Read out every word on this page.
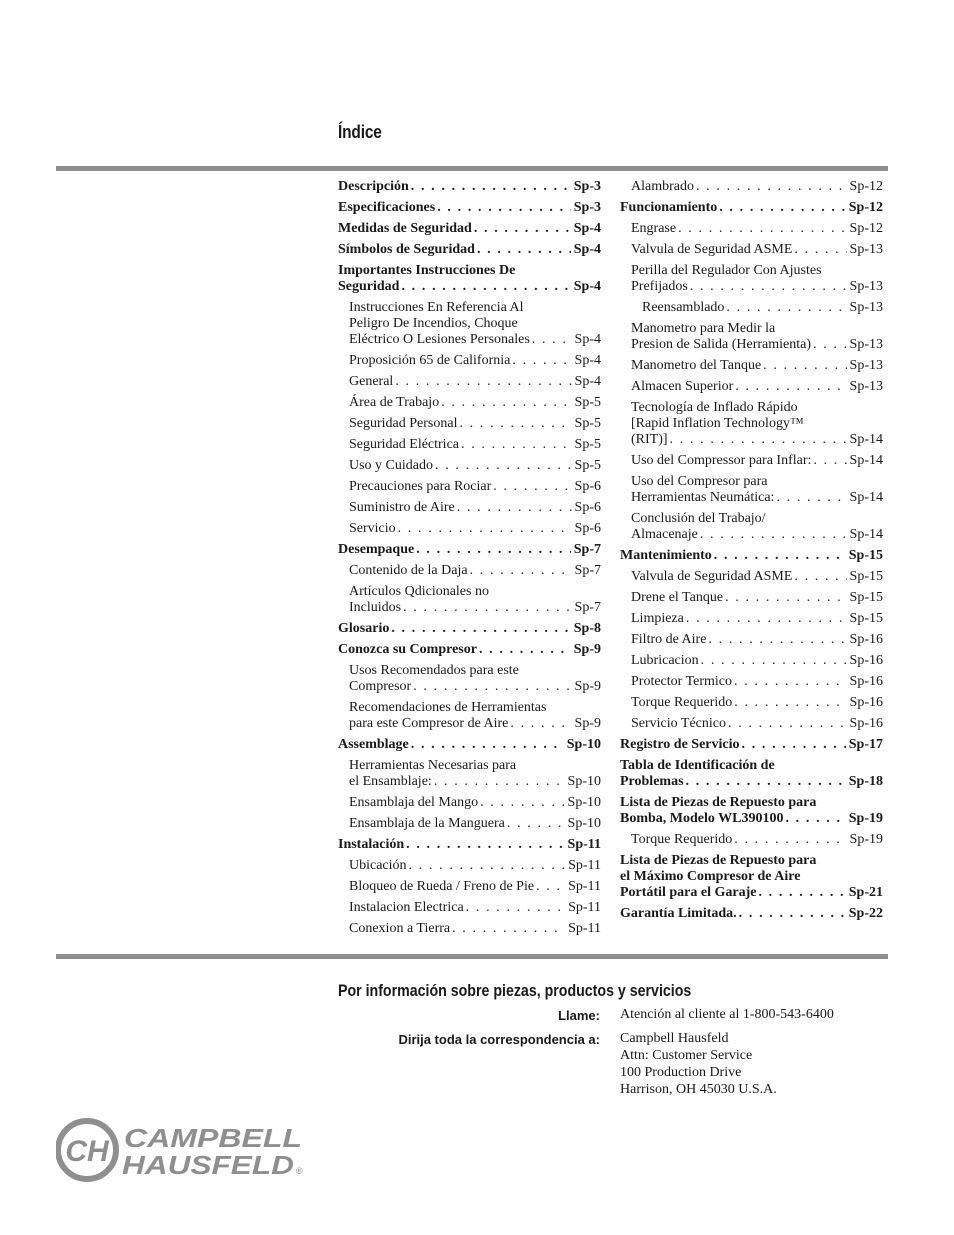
Índice
Descripción . . .	Sp-3
Especificaciones . . .	Sp-3
Medidas de Seguridad . . .	Sp-4
Símbolos de Seguridad . . .	Sp-4
Importantes Instrucciones De
Seguridad . . .	Sp-4
Instrucciones En Referencia Al
Peligro De Incendios, Choque
Eléctrico O Lesiones Personales . . .	Sp-4
Proposición 65 de California . . .	Sp-4
General . . .	Sp-4
Área de Trabajo . . .	Sp-5
Seguridad Personal . . .	Sp-5
Seguridad Eléctrica . . .	Sp-5
Uso y Cuidado . . .	Sp-5
Precauciones para Rociar . . .	Sp-6
Suministro de Aire . . .	Sp-6
Servicio . . .	Sp-6
Desempaque . . .	Sp-7
Contenido de la Daja . . .	Sp-7
Artículos Qdicionales no
Incluidos . . .	Sp-7
Glosario . . .	Sp-8
Conozca su Compresor . . .	Sp-9
Usos Recomendados para este
Compresor . . .	Sp-9
Recomendaciones de Herramientas
para este Compresor de Aire . . .	Sp-9
Assemblage . . .	Sp-10
Herramientas Necesarias para
el Ensamblaje: . . .	Sp-10
Ensamblaja del Mango . . .	Sp-10
Ensamblaja de la Manguera . . .	Sp-10
Instalación . . .	Sp-11
Ubicación . . .	Sp-11
Bloqueo de Rueda / Freno de Pie . . . Sp-11
Instalacion Electrica . . .	Sp-11
Conexion a Tierra . . .	Sp-11
Alambrado . . .	Sp-12
Funcionamiento . . .	Sp-12
Engrase . . .	Sp-12
Valvula de Seguridad ASME . . .	Sp-13
Perilla del Regulador Con Ajustes
Prefijados . . .	Sp-13
Reensamblado . . .	Sp-13
Manometro para Medir la
Presion de Salida (Herramienta) . . .	Sp-13
Manometro del Tanque . . .	Sp-13
Almacen Superior . . .	Sp-13
Tecnología de Inflado Rápido
[Rapid Inflation Technology™
(RIT)] . . .	Sp-14
Uso del Compressor para Inflar: . . .	Sp-14
Uso del Compresor para
Herramientas Neumática: . . .	Sp-14
Conclusión del Trabajo/
Almacenaje . . .	Sp-14
Mantenimiento . . .	Sp-15
Valvula de Seguridad ASME . . .	Sp-15
Drene el Tanque . . .	Sp-15
Limpieza . . .	Sp-15
Filtro de Aire . . .	Sp-16
Lubricacion . . .	Sp-16
Protector Termico . . .	Sp-16
Torque Requerido . . .	Sp-16
Servicio Técnico . . .	Sp-16
Registro de Servicio . . .	Sp-17
Tabla de Identificación de
Problemas . . .	Sp-18
Lista de Piezas de Repuesto para
Bomba, Modelo WL390100 . . .	Sp-19
Torque Requerido . . .	Sp-19
Lista de Piezas de Repuesto para
el Máximo Compresor de Aire
Portátil para el Garaje . . .	Sp-21
Garantía Limitada. . . .	Sp-22
Por información sobre piezas, productos y servicios
Llame: Atención al cliente al 1-800-543-6400
Dirija toda la correspondencia a: Campbell Hausfeld
Attn: Customer Service
100 Production Drive
Harrison, OH 45030 U.S.A.
CH CAMPBELL
HAUSFELD ®
